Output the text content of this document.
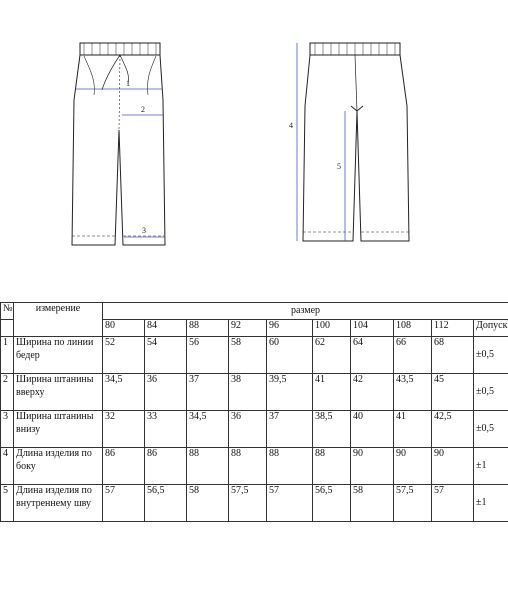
1
2
3
4
5
№	измерение	размер									
		80	84	88	92	96	100	104	108	112	Допуск
1	Ширина по линии бедер	52	54	56	58	60	62	64	66	68	±0,5
2	Ширина штанины вверху	34,5	36	37	38	39,5	41	42	43,5	45	±0,5
3	Ширина штанины внизу	32	33	34,5	36	37	38,5	40	41	42,5	±0,5
4	Длина изделия по боку	86	86	88	88	88	88	90	90	90	±1
5	Длина изделия по внутреннему шву	57	56,5	58	57,5	57	56,5	58	57,5	57	±1
